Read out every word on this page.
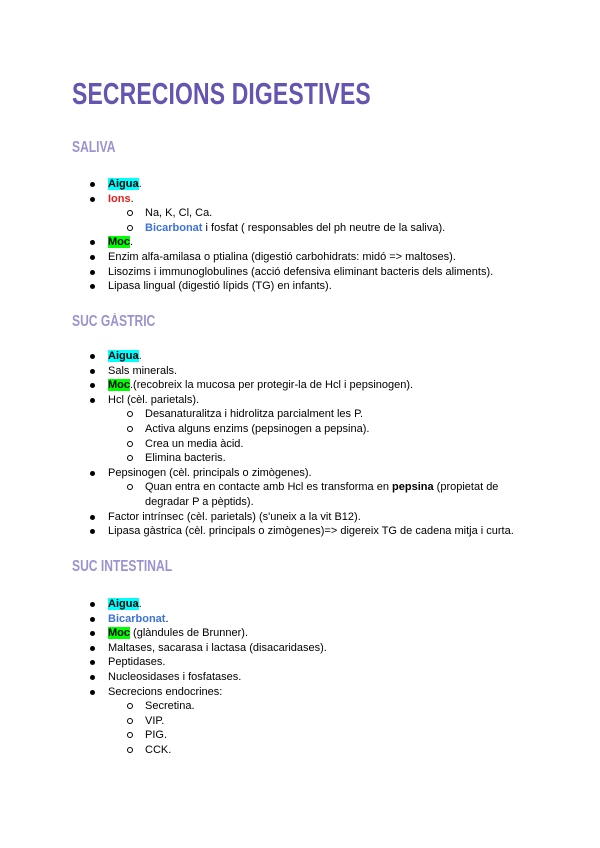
SECRECIONS DIGESTIVES
SALIVA
Aigua.
Ions.
Na, K, Cl, Ca.
Bicarbonat i fosfat ( responsables del ph neutre de la saliva).
Moc.
Enzim alfa-amilasa o ptialina (digestió carbohidrats: midó => maltoses).
Lisozims i immunoglobulines (acció defensiva eliminant bacteris dels aliments).
Lipasa lingual (digestió lípids (TG) en infants).
SUC GÀSTRIC
Aigua.
Sals minerals.
Moc.(recobreix la mucosa per protegir-la de Hcl i pepsinogen).
Hcl (cèl. parietals).
Desanaturalitza i hidrolitza parcialment les P.
Activa alguns enzims (pepsinogen a pepsina).
Crea un media àcid.
Elimina bacteris.
Pepsinogen (cèl. principals o zimògenes).
Quan entra en contacte amb Hcl es transforma en pepsina (propietat de degradar P a pèptids).
Factor intrínsec (cèl. parietals) (s'uneix a la vit B12).
Lipasa gàstrica (cèl. principals o zimògenes)=> digereix TG de cadena mitja i curta.
SUC INTESTINAL
Aigua.
Bicarbonat.
Moc (glàndules de Brunner).
Maltases, sacarasa i lactasa (disacaridases).
Peptidases.
Nucleosidases i fosfatases.
Secrecions endocrines:
Secretina.
VIP.
PIG.
CCK.
